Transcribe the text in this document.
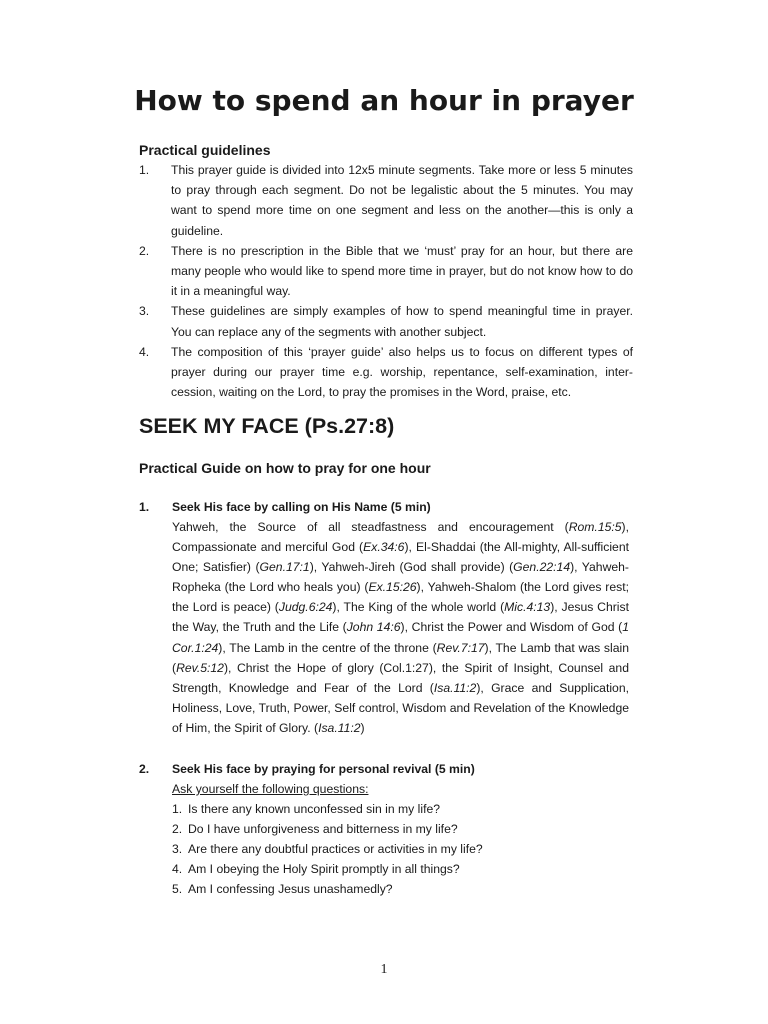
How to spend an hour in prayer
Practical guidelines
1. This prayer guide is divided into 12x5 minute segments. Take more or less 5 minutes to pray through each segment. Do not be legalistic about the 5 minutes. You may want to spend more time on one segment and less on the another—this is only a guideline.
2. There is no prescription in the Bible that we ‘must’ pray for an hour, but there are many people who would like to spend more time in prayer, but do not know how to do it in a meaningful way.
3. These guidelines are simply examples of how to spend meaningful time in prayer. You can replace any of the segments with another subject.
4. The composition of this ‘prayer guide’ also helps us to focus on different types of prayer during our prayer time e.g. worship, repentance, self-examination, inter-cession, waiting on the Lord, to pray the promises in the Word, praise, etc.
SEEK MY FACE (Ps.27:8)
Practical Guide on how to pray for one hour
1. Seek His face by calling on His Name (5 min)
Yahweh, the Source of all steadfastness and encouragement (Rom.15:5), Compassionate and merciful God (Ex.34:6), El-Shaddai (the All-mighty, All-sufficient One; Satisfier) (Gen.17:1), Yahweh-Jireh (God shall provide) (Gen.22:14), Yahweh-Ropheka (the Lord who heals you) (Ex.15:26), Yahweh-Shalom (the Lord gives rest; the Lord is peace) (Judg.6:24), The King of the whole world (Mic.4:13), Jesus Christ the Way, the Truth and the Life (John 14:6), Christ the Power and Wisdom of God (1 Cor.1:24), The Lamb in the centre of the throne (Rev.7:17), The Lamb that was slain (Rev.5:12), Christ the Hope of glory (Col.1:27), the Spirit of Insight, Counsel and Strength, Knowledge and Fear of the Lord (Isa.11:2), Grace and Supplication, Holiness, Love, Truth, Power, Self control, Wisdom and Revelation of the Knowledge of Him, the Spirit of Glory. (Isa.11:2)
2. Seek His face by praying for personal revival (5 min)
Ask yourself the following questions:
1. Is there any known unconfessed sin in my life?
2. Do I have unforgiveness and bitterness in my life?
3. Are there any doubtful practices or activities in my life?
4. Am I obeying the Holy Spirit promptly in all things?
5. Am I confessing Jesus unashamedly?
1
